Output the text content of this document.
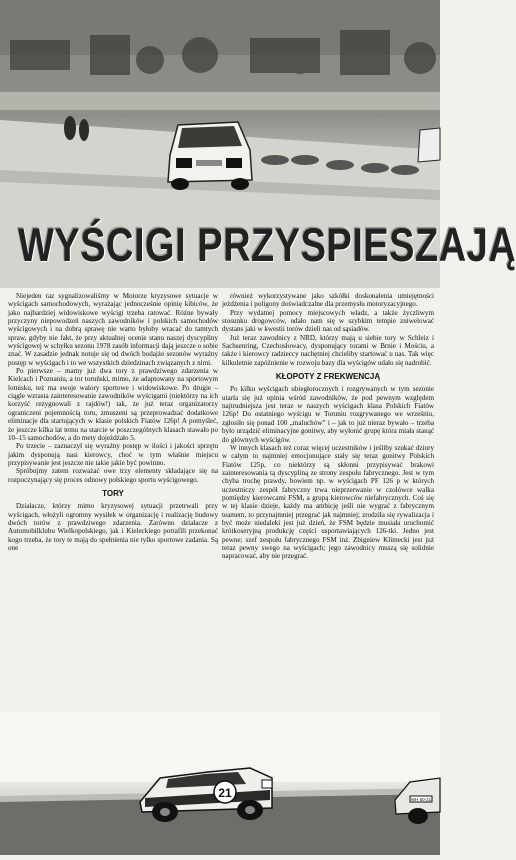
WYŚCIGI PRZYSPIESZAJĄ

Niejeden raz sygnalizowaliśmy w Motorze kryzysowe sytuacje w wyścigach samochodowych, wyrażając jednocześnie opinię kibiców, że jako najbardziej widowiskowe wyścigi trzeba ratować. Różne bywały przyczyny niepowodzeń naszych zawodników i polskich samochodów wyścigowych i na dobrą sprawę nie warto byłoby wracać do tamtych spraw, gdyby nie fakt, że przy aktualnej ocenie stanu naszej dyscypliny wyścigowej w schyłku sezonu 1978 zasób informacji dają jeszcze o sobie znać. W zasadzie jednak notuje się od dwóch bodajże sezonów wyraźny postęp w wyścigach i to we wszystkich dziedzinach związanych z nimi.

Po pierwsze – mamy już dwa tory z prawdziwego zdarzenia w Kielcach i Poznaniu, a tor toruński, mimo, że adaptowany na sportowym lotnisku, też ma swoje walory sportowe i widowiskowe. Po drugie – ciągle wzrasta zainteresowanie zawodników wyścigami (niektórzy na ich korzyść rezygnowali z rajdów!) tak, że już teraz organizatorzy ograniczeni pojemnością toru, zmuszeni są przeprowadzać dodatkowe eliminacje dla startujących w klasie polskich Fiatów 126p! A pomyśleć, że jeszcze kilka lat temu na starcie w poszczególnych klasach stawało po 10–15 samochodów, a do mety dojeżdżało 5.

Po trzecie – zaznaczył się wyraźny postęp w ilości i jakości sprzętu jakim dysponują nasi kierowcy, choć w tym właśnie miejscu przypisywanie jest jeszcze nie takie jakie być powinno.

Spróbujmy zatem rozważać owe trzy elementy składające się na rozpoczynający się proces odnowy polskiego sportu wyścigowego.

TORY

Działacze, którzy mimo kryzysowej sytuacji przetrwali przy wyścigach, włożyli ogromny wysiłek w organizację i realizację budowy dwóch torów z prawdziwego zdarzenia. Zarówno działacze z Automobilklubu Wielkopolskiego, jak i Kieleckiego potrafili przekonać kogo trzeba, że tory te mają do spełnienia nie tylko sportowe zadania. Są one

również wykorzystywane jako szkółki doskonalenia umiejętności jeżdżenia i poligony doświadczalne dla przemysłu motoryzacyjnego.

Przy wydatnej pomocy miejscowych władz, a także życzliwym stosunku drogowców, udało nam się w szybkim tempie zniwelować dystans jaki w kwestii torów dzieli nas od sąsiadów.

Już teraz zawodnicy z NRD, którzy mają u siebie tory w Schleiz i Sachsenring, Czechosłowacy, dysponujący torami w Brnie i Mościu, a także i kierowcy radzieccy nachętniej chcieliby startować u nas. Tak więc kilkuletnie zapóźnienie w rozwoju bazy dla wyścigów udało się nadrobić.

KŁOPOTY Z FREKWENCJĄ

Po kilku wyścigach ubiegłorocznych i rozgrywanych w tym sezonie utarła się już opinia wśród zawodników, że pod pewnym względem najtrudniejsza jest teraz w naszych wyścigach klasa Polskich Fiatów 126p! Do ostatniego wyścigu w Toruniu rozgrywanego we wrześniu, zgłosiło się ponad 100 „maluchów” i – jak to już nieraz bywało – trzeba było urządzić eliminacyjne gonitwy, aby wyłonić grupę która miała stanąć do głównych wyścigów.

W innych klasach też coraz więcej uczestników i jeśliby szukać dziury w całym to najmniej emocjonujące stały się teraz gonitwy Polskich Fiatów 125p, co niektórzy są skłonni przypisywać brakowi zainteresowania tą dyscypliną ze strony zespołu fabrycznego. Jest w tym chyba trochę prawdy, bowiem np. w wyścigach PF 126 p w których uczestniczy zespół fabryczny trwa nieprzerwanie w czołówce walka pomiędzy kierowcami FSM, a grupą kierowców niefabrycznych. Coś się w tej klasie dzieje, każdy ma ambicję jeśli nie wygrać z fabrycznym teamem, to przynajmniej przegrać jak najmniej; zrodziła się rywalizacja i być może niedaleki jest już dzień, że FSM będzie musiała uruchomić krótkoseryjną produkcję części usportawiających 126-tki. Jedno jest pewne; szef zespołu fabrycznego FSM inż. Zbigniew Klimecki jest już teraz pewny swego na wyścigach; jego zawodnicy muszą się solidnie napracować, aby nie przegrać.

21	WH 60-21
